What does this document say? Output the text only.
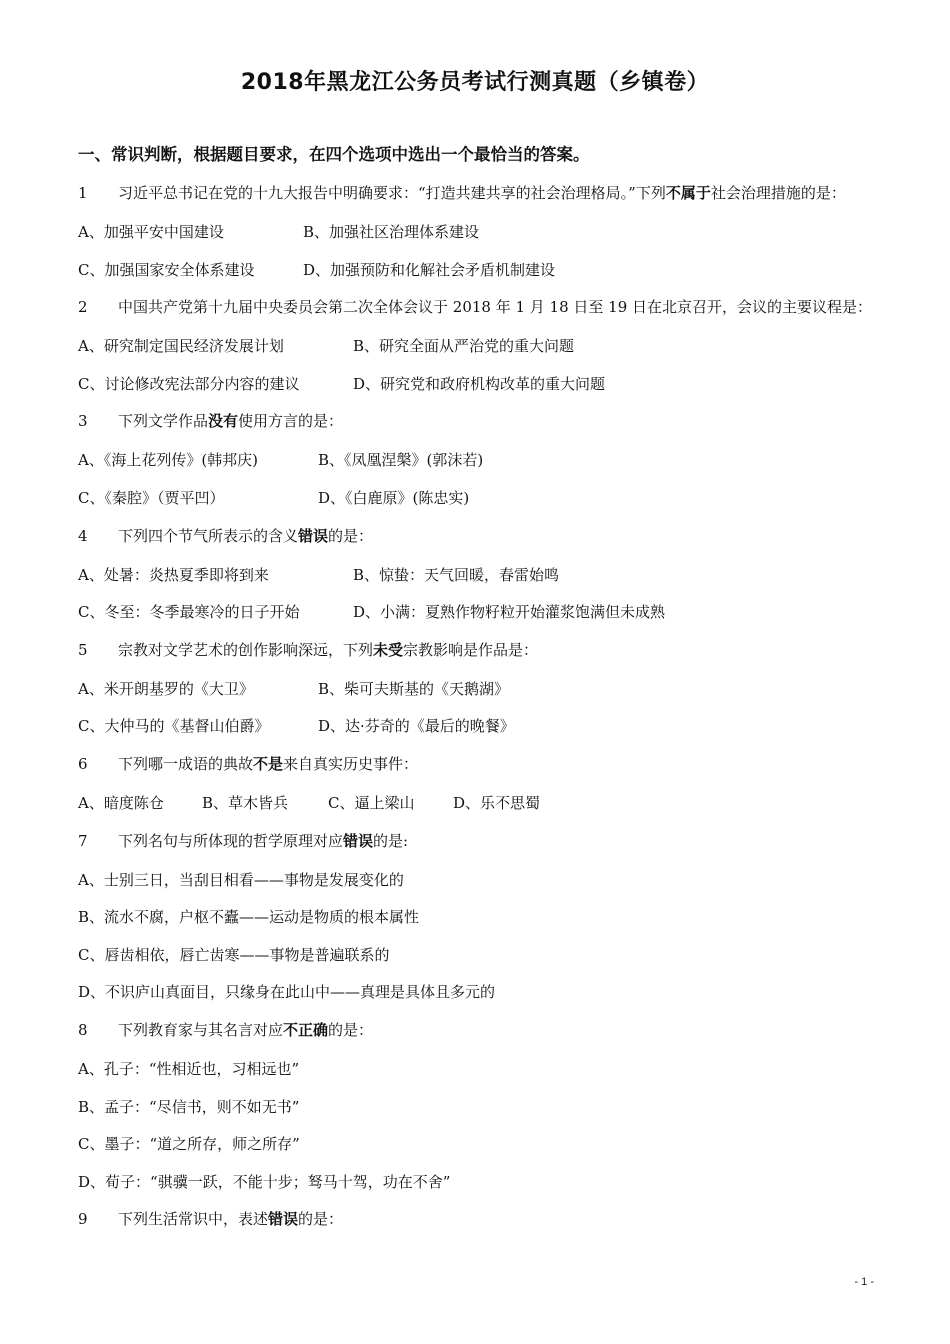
2018年黑龙江公务员考试行测真题（乡镇卷）
一、常识判断，根据题目要求，在四个选项中选出一个最恰当的答案。
1 习近平总书记在党的十九大报告中明确要求：“打造共建共享的社会治理格局。”下列不属于社会治理措施的是：
A、加强平安中国建设	B、加强社区治理体系建设
C、加强国家安全体系建设	D、加强预防和化解社会矛盾机制建设
2 中国共产党第十九届中央委员会第二次全体会议于 2018 年 1 月 18 日至 19 日在北京召开，会议的主要议程是：
A、研究制定国民经济发展计划	B、研究全面从严治党的重大问题
C、讨论修改宪法部分内容的建议	D、研究党和政府机构改革的重大问题
3 下列文学作品没有使用方言的是：
A、《海上花列传》(韩邦庆)	B、《凤凰涅槃》(郭沫若)
C、《秦腔》（贾平凹）	D、《白鹿原》(陈忠实)
4 下列四个节气所表示的含义错误的是：
A、处暑：炎热夏季即将到来	B、惊蛰：天气回暖，春雷始鸣
C、冬至：冬季最寒冷的日子开始	D、小满：夏熟作物籽粒开始灌浆饱满但未成熟
5 宗教对文学艺术的创作影响深远，下列未受宗教影响是作品是：
A、米开朗基罗的《大卫》	B、柴可夫斯基的《天鹅湖》
C、大仲马的《基督山伯爵》	D、达·芬奇的《最后的晚餐》
6 下列哪一成语的典故不是来自真实历史事件：
A、暗度陈仓	B、草木皆兵	C、逼上梁山	D、乐不思蜀
7 下列名句与所体现的哲学原理对应错误的是:
A、士别三日，当刮目相看——事物是发展变化的
B、流水不腐，户枢不蠹——运动是物质的根本属性
C、唇齿相依，唇亡齿寒——事物是普遍联系的
D、不识庐山真面目，只缘身在此山中——真理是具体且多元的
8 下列教育家与其名言对应不正确的是：
A、孔子：“性相近也，习相远也”
B、孟子：“尽信书，则不如无书”
C、墨子：“道之所存，师之所存”
D、荀子：“骐骥一跃，不能十步；驽马十驾，功在不舍”
9 下列生活常识中，表述错误的是：
- 1 -
